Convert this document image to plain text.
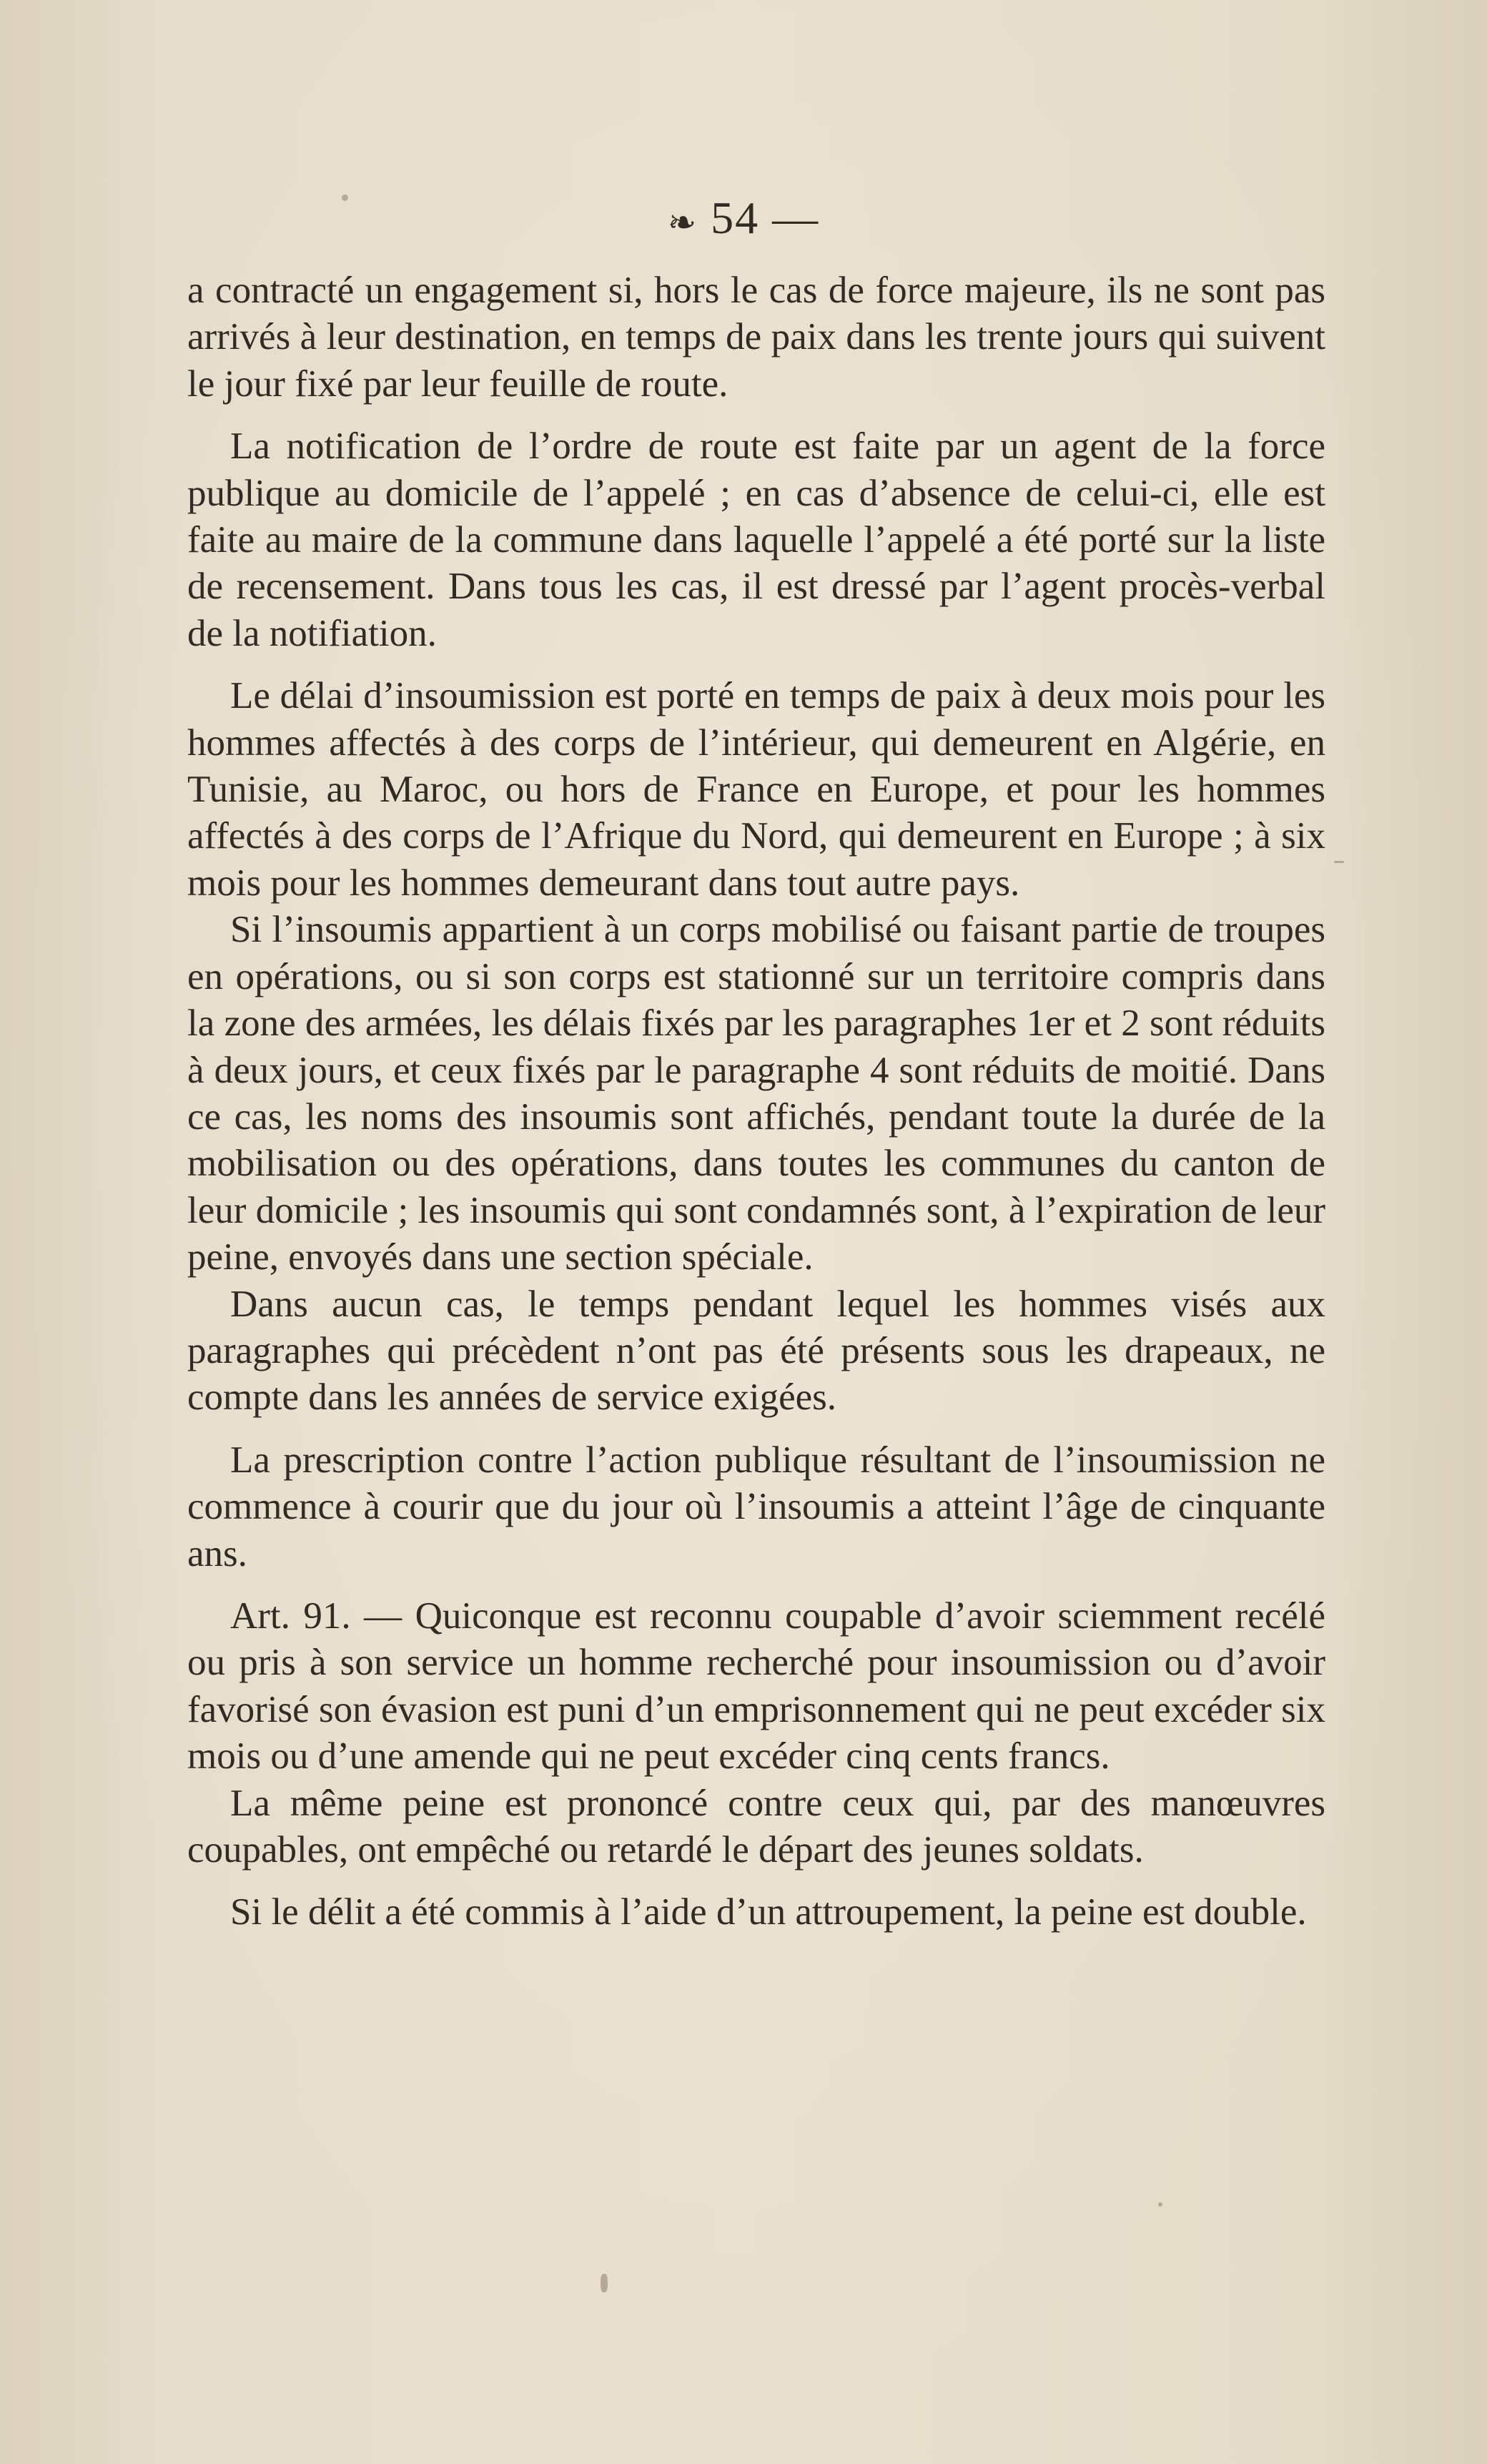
❧ 54 —

a contracté un engagement si, hors le cas de force majeure, ils ne sont pas arrivés à leur destination, en temps de paix dans les trente jours qui suivent le jour fixé par leur feuille de route.

La notification de l’ordre de route est faite par un agent de la force publique au domicile de l’appelé ; en cas d’absence de celui-ci, elle est faite au maire de la commune dans laquelle l’appelé a été porté sur la liste de recensement. Dans tous les cas, il est dressé par l’agent procès-verbal de la notifiation.

Le délai d’insoumission est porté en temps de paix à deux mois pour les hommes affectés à des corps de l’intérieur, qui demeurent en Algérie, en Tunisie, au Maroc, ou hors de France en Europe, et pour les hommes affectés à des corps de l’Afrique du Nord, qui demeurent en Europe ; à six mois pour les hommes demeurant dans tout autre pays.

Si l’insoumis appartient à un corps mobilisé ou faisant partie de troupes en opérations, ou si son corps est stationné sur un territoire compris dans la zone des armées, les délais fixés par les paragraphes 1er et 2 sont réduits à deux jours, et ceux fixés par le paragraphe 4 sont réduits de moitié. Dans ce cas, les noms des insoumis sont affichés, pendant toute la durée de la mobilisation ou des opérations, dans toutes les communes du canton de leur domicile ; les insoumis qui sont condamnés sont, à l’expiration de leur peine, envoyés dans une section spéciale.

Dans aucun cas, le temps pendant lequel les hommes visés aux paragraphes qui précèdent n’ont pas été présents sous les drapeaux, ne compte dans les années de service exigées.

La prescription contre l’action publique résultant de l’insoumission ne commence à courir que du jour où l’insoumis a atteint l’âge de cinquante ans.

Art. 91. — Quiconque est reconnu coupable d’avoir sciemment recélé ou pris à son service un homme recherché pour insoumission ou d’avoir favorisé son évasion est puni d’un emprisonnement qui ne peut excéder six mois ou d’une amende qui ne peut excéder cinq cents francs.

La même peine est prononcé contre ceux qui, par des manœuvres coupables, ont empêché ou retardé le départ des jeunes soldats.

Si le délit a été commis à l’aide d’un attroupement, la peine est double.
